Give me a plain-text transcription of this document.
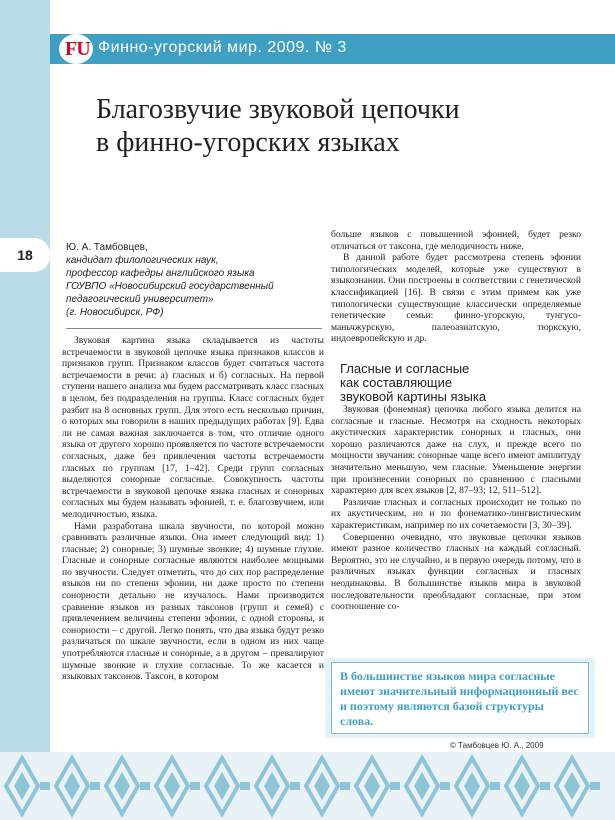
18
FU Финно-угорский мир. 2009. № 3
Благозвучие звуковой цепочки
в финно-угорских языках
Ю. А. Тамбовцев,
кандидат филологических наук,
профессор кафедры английского языка
ГОУВПО «Новосибирский государственный
педагогический университет»
(г. Новосибирск, РФ)

Звуковая картина языка складывается из частоты встречаемости в звуковой цепочке языка признаков классов и признаков групп. Признаком классов будет считаться частота встречаемости в речи: а) гласных и б) согласных. На первой ступени нашего анализа мы будем рассматривать класс гласных в целом, без подразделения на группы. Класс согласных будет разбит на 8 основных групп. Для этого есть несколько причин, о которых мы говорили в наших предыдущих работах [9]. Едва ли не самая важная заключается в том, что отличие одного языка от другого хорошо проявляется по частоте встречаемости согласных, даже без привлечения частоты встречаемости гласных по группам [17, 1–42]. Среди групп согласных выделяются сонорные согласные. Совокупность частоты встречаемости в звуковой цепочке языка гласных и сонорных согласных мы будем называть эфонией, т. е. благозвучием, или мелодичностью, языка.

Нами разработана шкала звучности, по которой можно сравнивать различные языки. Она имеет следующий вид: 1) гласные; 2) сонорные; 3) шумные звонкие; 4) шумные глухие. Гласные и сонорные согласные являются наиболее мощными по звучности. Следует отметить, что до сих пор распределение языков ни по степени эфонии, ни даже просто по степени сонорности детально не изучалось. Нами производится сравнение языков из разных таксонов (групп и семей) с привлечением величины степени эфонии, с одной стороны, и сонорности – с другой. Легко понять, что два языка будут резко различаться по шкале звучности, если в одном из них чаще употребляются гласные и сонорные, а в другом – превалируют шумные звонкие и глухие согласные. То же касается и языковых таксонов. Таксон, в котором

больше языков с повышенной эфонией, будет резко отличаться от таксона, где мелодичность ниже.

В данной работе будет рассмотрена степень эфонии типологических моделей, которые уже существуют в языкознании. Они построены в соответствии с генетической классификацией [16]. В связи с этим примем как уже типологически существующие классически определяемые генетические семьи: финно-угорскую, тунгусо-маньчжурскую, палеоазиатскую, тюркскую, индоевропейскую и др.

Гласные и согласные
как составляющие
звуковой картины языка

Звуковая (фонемная) цепочка любого языка делится на согласные и гласные. Несмотря на сходность некоторых акустических характеристик сонорных и гласных, они хорошо различаются даже на слух, и прежде всего по мощности звучания: сонорные чаще всего имеют амплитуду значительно меньшую, чем гласные. Уменьшение энергии при произнесении сонорных по сравнению с гласными характерно для всех языков [2, 87–93; 12, 511–512].

Различие гласных и согласных происходит не только по их акустическим, но и по фонематико-лингвистическим характеристикам, например по их сочетаемости [3, 30–39].

Совершенно очевидно, что звуковые цепочки языков имеют разное количество гласных на каждый согласный. Вероятно, это не случайно, и в первую очередь потому, что в различных языках функции согласных и гласных неодинаковы. В большинстве языков мира в звуковой последовательности преобладают согласные, при этом соотношение со-

В большинстве языков мира согласные имеют значительный информационный вес и поэтому являются базой структуры слова.
© Тамбовцев Ю. А., 2009
